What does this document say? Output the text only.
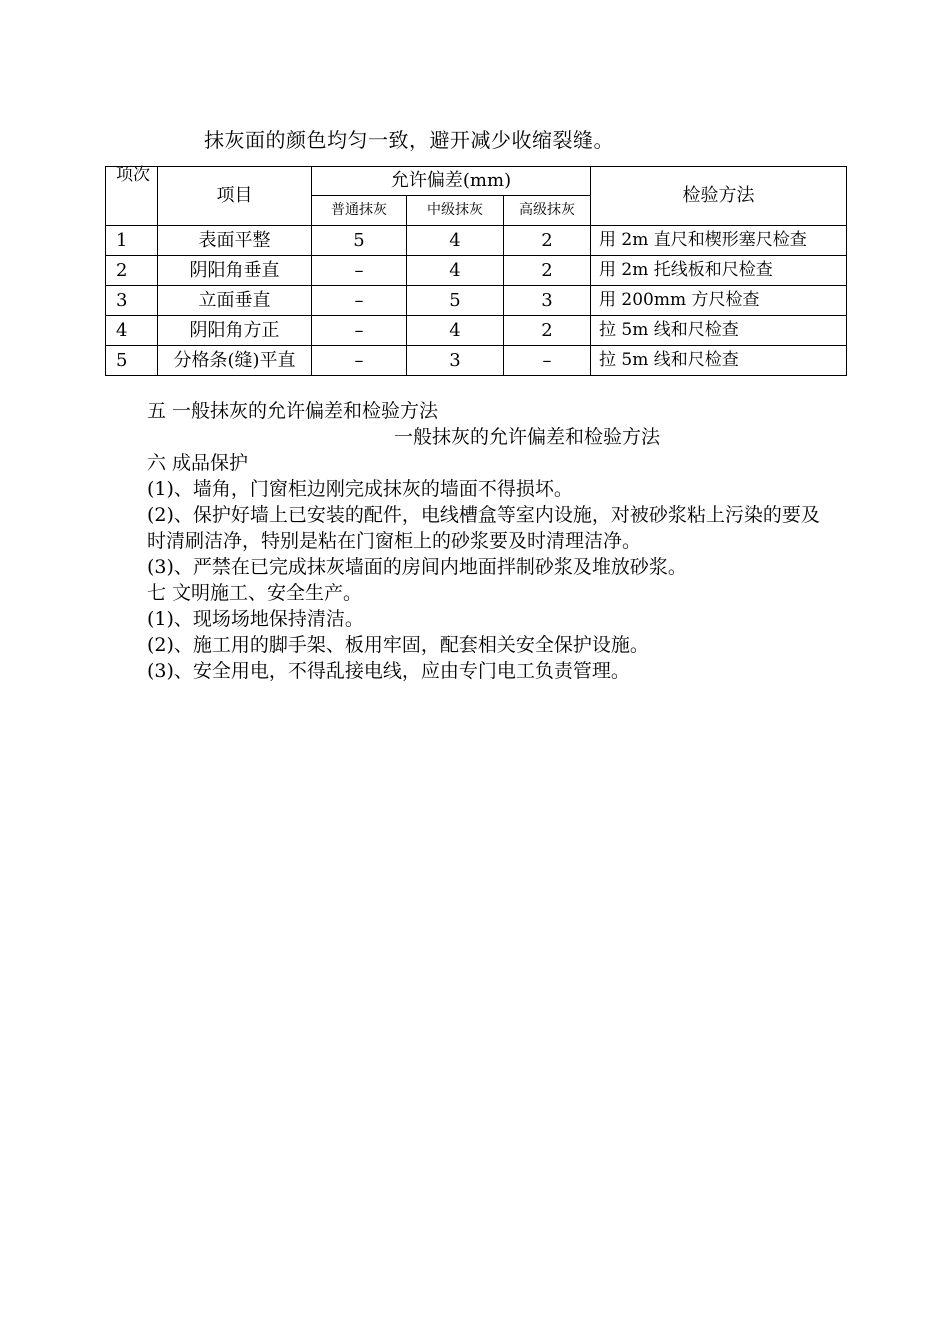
抹灰面的颜色均匀一致，避开减少收缩裂缝。
项次	项目	允许偏差(mm)			检验方法
		普通抹灰	中级抹灰	高级抹灰	
1	表面平整	5	4	2	用 2m 直尺和楔形塞尺检查
2	阴阳角垂直	–	4	2	用 2m 托线板和尺检查
3	立面垂直	–	5	3	用 200mm 方尺检查
4	阴阳角方正	–	4	2	拉 5m 线和尺检查
5	分格条(缝)平直	–	3	–	拉 5m 线和尺检查

五 一般抹灰的允许偏差和检验方法

一般抹灰的允许偏差和检验方法

六 成品保护

(1)、墙角，门窗柜边刚完成抹灰的墙面不得损坏。

(2)、保护好墙上已安装的配件，电线槽盒等室内设施，对被砂浆粘上污染的要及时清刷洁净，特别是粘在门窗柜上的砂浆要及时清理洁净。

(3)、严禁在已完成抹灰墙面的房间内地面拌制砂浆及堆放砂浆。

七 文明施工、安全生产。

(1)、现场场地保持清洁。

(2)、施工用的脚手架、板用牢固，配套相关安全保护设施。

(3)、安全用电，不得乱接电线，应由专门电工负责管理。
